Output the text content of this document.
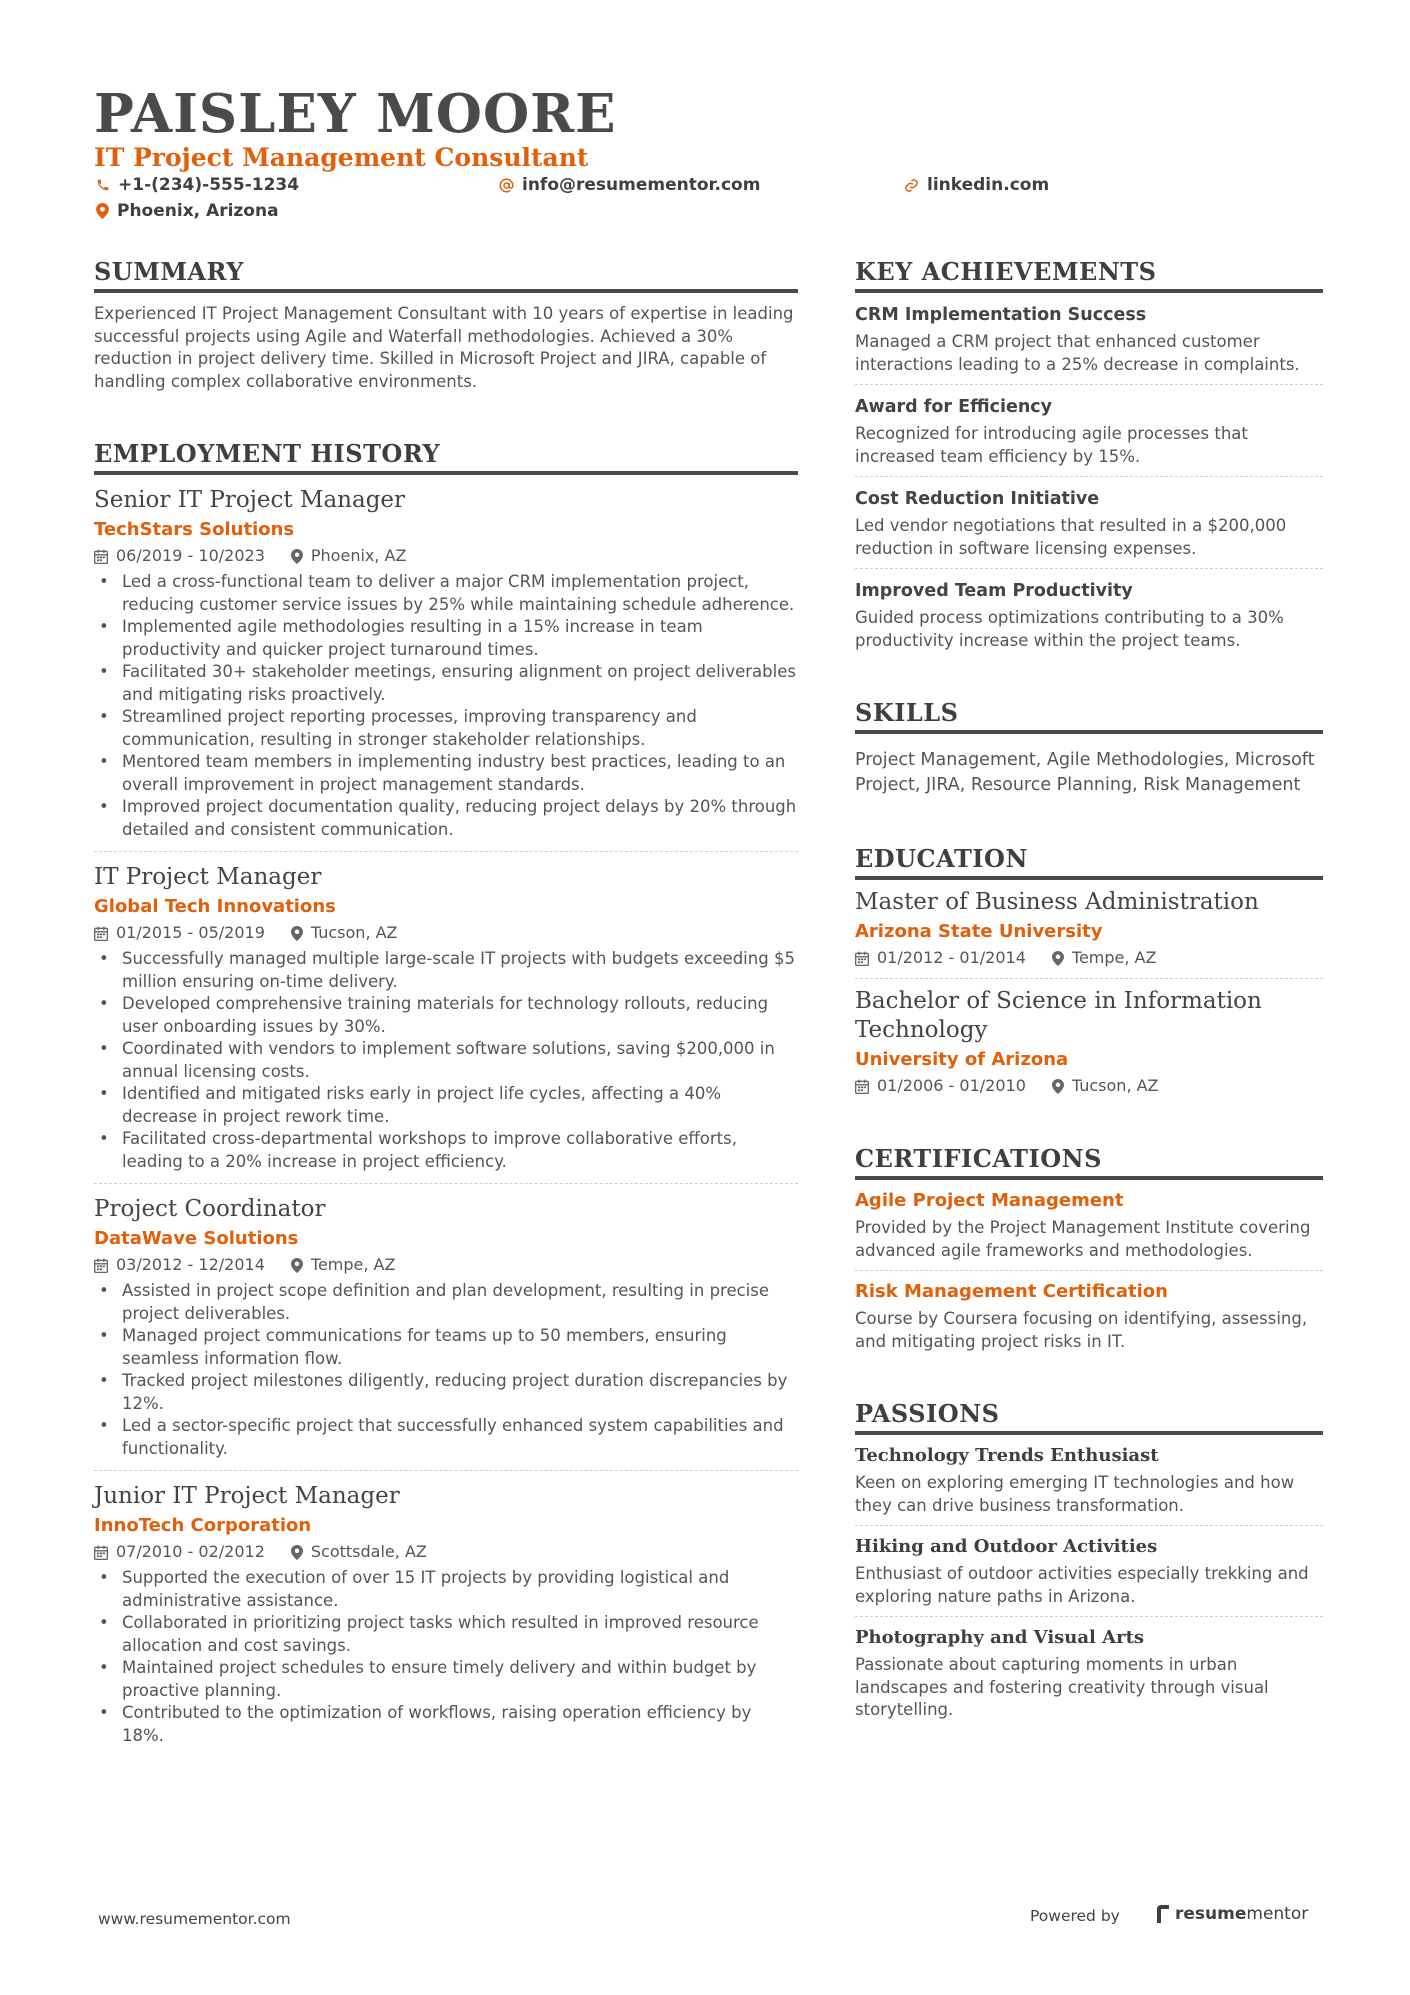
PAISLEY MOORE
IT Project Management Consultant
+1-(234)-555-1234	info@resumementor.com	linkedin.com
Phoenix, Arizona
SUMMARY

Experienced IT Project Management Consultant with 10 years of expertise in leading successful projects using Agile and Waterfall methodologies. Achieved a 30% reduction in project delivery time. Skilled in Microsoft Project and JIRA, capable of handling complex collaborative environments.

EMPLOYMENT HISTORY
Senior IT Project Manager
TechStars Solutions
06/2019 - 10/2023	Phoenix, AZ
• Led a cross-functional team to deliver a major CRM implementation project, reducing customer service issues by 25% while maintaining schedule adherence.
• Implemented agile methodologies resulting in a 15% increase in team productivity and quicker project turnaround times.
• Facilitated 30+ stakeholder meetings, ensuring alignment on project deliverables and mitigating risks proactively.
• Streamlined project reporting processes, improving transparency and communication, resulting in stronger stakeholder relationships.
• Mentored team members in implementing industry best practices, leading to an overall improvement in project management standards.
• Improved project documentation quality, reducing project delays by 20% through detailed and consistent communication.
IT Project Manager
Global Tech Innovations
01/2015 - 05/2019	Tucson, AZ
• Successfully managed multiple large-scale IT projects with budgets exceeding $5 million ensuring on-time delivery.
• Developed comprehensive training materials for technology rollouts, reducing user onboarding issues by 30%.
• Coordinated with vendors to implement software solutions, saving $200,000 in annual licensing costs.
• Identified and mitigated risks early in project life cycles, affecting a 40% decrease in project rework time.
• Facilitated cross-departmental workshops to improve collaborative efforts, leading to a 20% increase in project efficiency.
Project Coordinator
DataWave Solutions
03/2012 - 12/2014	Tempe, AZ
• Assisted in project scope definition and plan development, resulting in precise project deliverables.
• Managed project communications for teams up to 50 members, ensuring seamless information flow.
• Tracked project milestones diligently, reducing project duration discrepancies by 12%.
• Led a sector-specific project that successfully enhanced system capabilities and functionality.
Junior IT Project Manager
InnoTech Corporation
07/2010 - 02/2012	Scottsdale, AZ
• Supported the execution of over 15 IT projects by providing logistical and administrative assistance.
• Collaborated in prioritizing project tasks which resulted in improved resource allocation and cost savings.
• Maintained project schedules to ensure timely delivery and within budget by proactive planning.
• Contributed to the optimization of workflows, raising operation efficiency by 18%.
KEY ACHIEVEMENTS
CRM Implementation Success
Managed a CRM project that enhanced customer interactions leading to a 25% decrease in complaints.
Award for Efficiency
Recognized for introducing agile processes that increased team efficiency by 15%.
Cost Reduction Initiative
Led vendor negotiations that resulted in a $200,000 reduction in software licensing expenses.
Improved Team Productivity
Guided process optimizations contributing to a 30% productivity increase within the project teams.
SKILLS
Project Management, Agile Methodologies, Microsoft Project, JIRA, Resource Planning, Risk Management
EDUCATION
Master of Business Administration
Arizona State University
01/2012 - 01/2014	Tempe, AZ
Bachelor of Science in Information Technology
University of Arizona
01/2006 - 01/2010	Tucson, AZ
CERTIFICATIONS
Agile Project Management
Provided by the Project Management Institute covering advanced agile frameworks and methodologies.
Risk Management Certification
Course by Coursera focusing on identifying, assessing, and mitigating project risks in IT.
PASSIONS
Technology Trends Enthusiast
Keen on exploring emerging IT technologies and how they can drive business transformation.
Hiking and Outdoor Activities
Enthusiast of outdoor activities especially trekking and exploring nature paths in Arizona.
Photography and Visual Arts
Passionate about capturing moments in urban landscapes and fostering creativity through visual storytelling.
www.resumementor.com	Powered by	resume mentor
